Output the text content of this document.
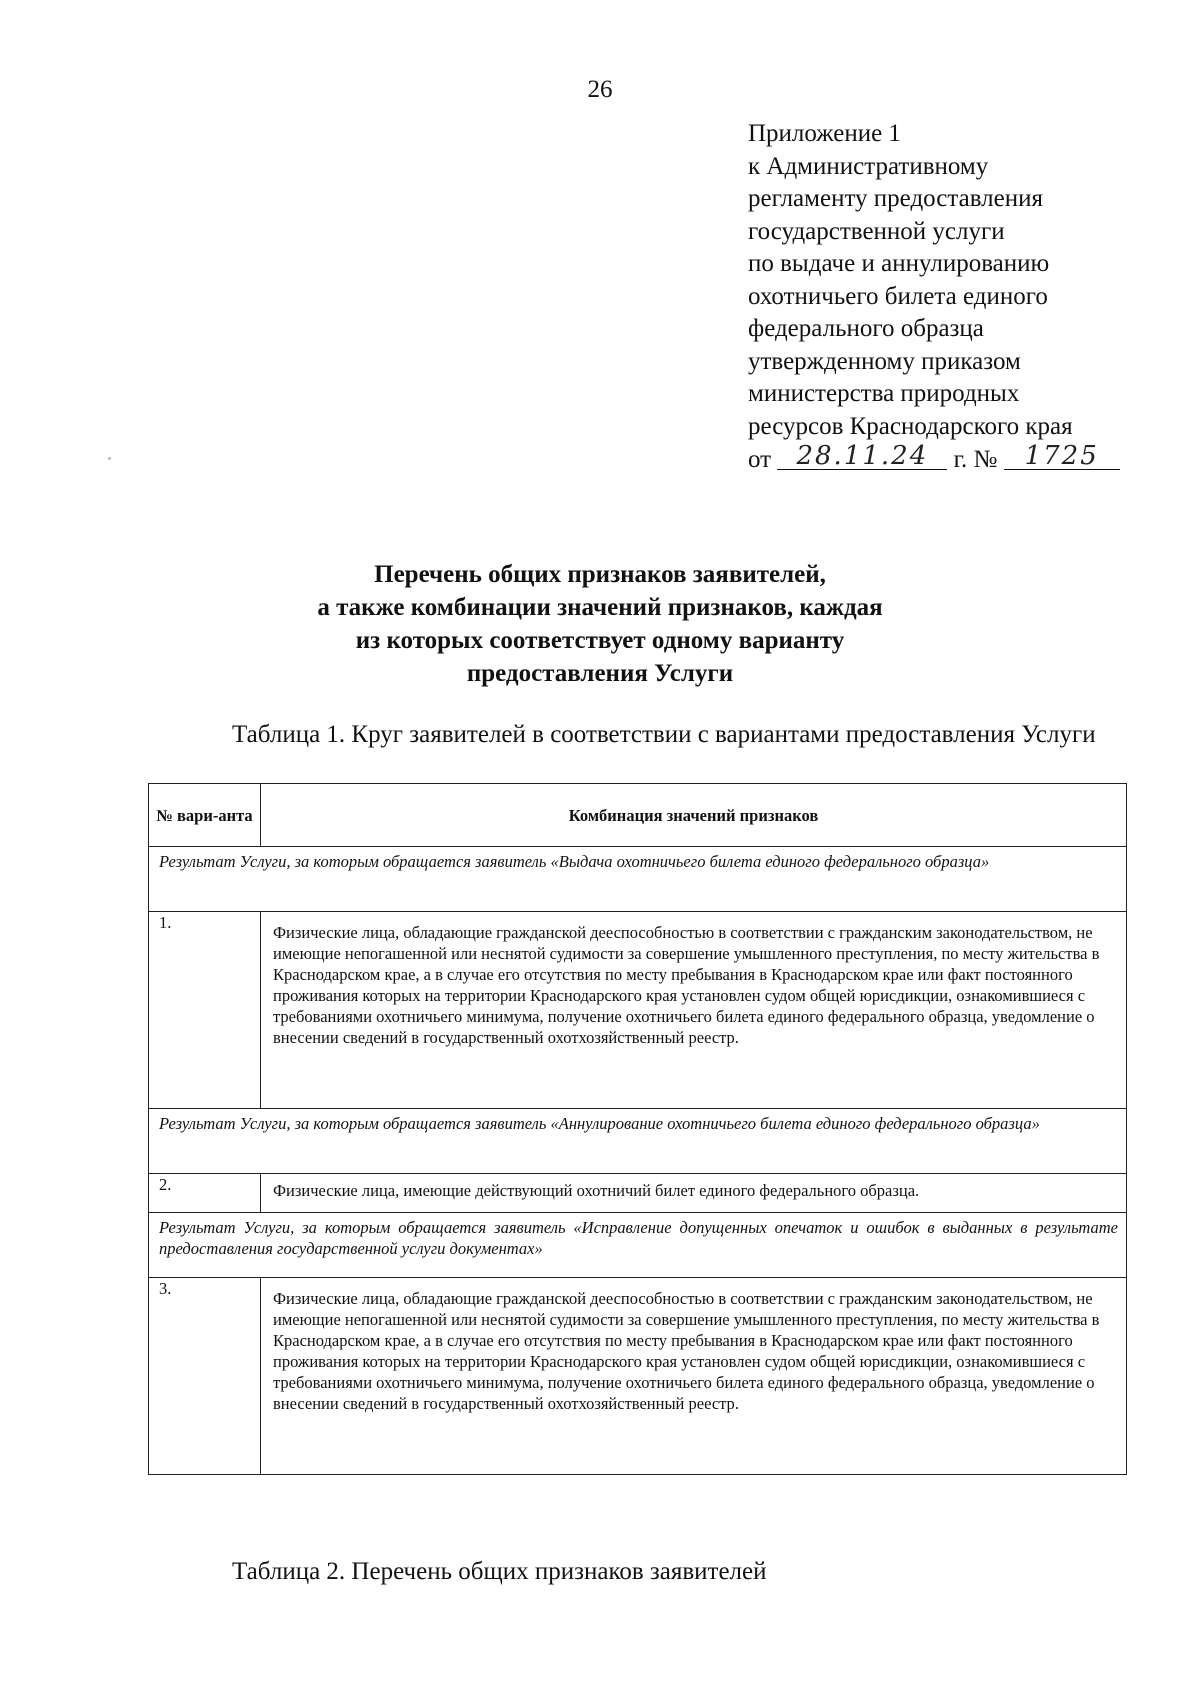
26
Приложение 1
к Административному
регламенту предоставления
государственной услуги
по выдаче и аннулированию
охотничьего билета единого
федерального образца
утвержденному приказом
министерства природных
ресурсов Краснодарского края
от 28.11.24 г. № 1725
Перечень общих признаков заявителей,
а также комбинации значений признаков, каждая
из которых соответствует одному варианту
предоставления Услуги
Таблица 1. Круг заявителей в соответствии с вариантами предоставления Услуги
№ вари-анта	Комбинация значений признаков
Результат Услуги, за которым обращается заявитель «Выдача охотничьего билета единого федерального образца»	

1.	Физические лица, обладающие гражданской дееспособностью в соответствии с гражданским законодательством, не имеющие непогашенной или неснятой судимости за совершение умышленного преступления, по месту жительства в Краснодарском крае, а в случае его отсутствия по месту пребывания в Краснодарском крае или факт постоянного проживания которых на территории Краснодарского края установлен судом общей юрисдикции, ознакомившиеся с требованиями охотничьего минимума, получение охотничьего билета единого федерального образца, уведомление о внесении сведений в государственный охотхозяйственный реестр.
Результат Услуги, за которым обращается заявитель «Аннулирование охотничьего билета единого федерального образца»	
2.	Физические лица, имеющие действующий охотничий билет единого федерального образца.
Результат Услуги, за которым обращается заявитель «Исправление допущенных опечаток и ошибок в выданных в результате предоставления государственной услуги документах»	

3.	Физические лица, обладающие гражданской дееспособностью в соответствии с гражданским законодательством, не имеющие непогашенной или неснятой судимости за совершение умышленного преступления, по месту жительства в Краснодарском крае, а в случае его отсутствия по месту пребывания в Краснодарском крае или факт постоянного проживания которых на территории Краснодарского края установлен судом общей юрисдикции, ознакомившиеся с требованиями охотничьего минимума, получение охотничьего билета единого федерального образца, уведомление о внесении сведений в государственный охотхозяйственный реестр.
Таблица 2. Перечень общих признаков заявителей
